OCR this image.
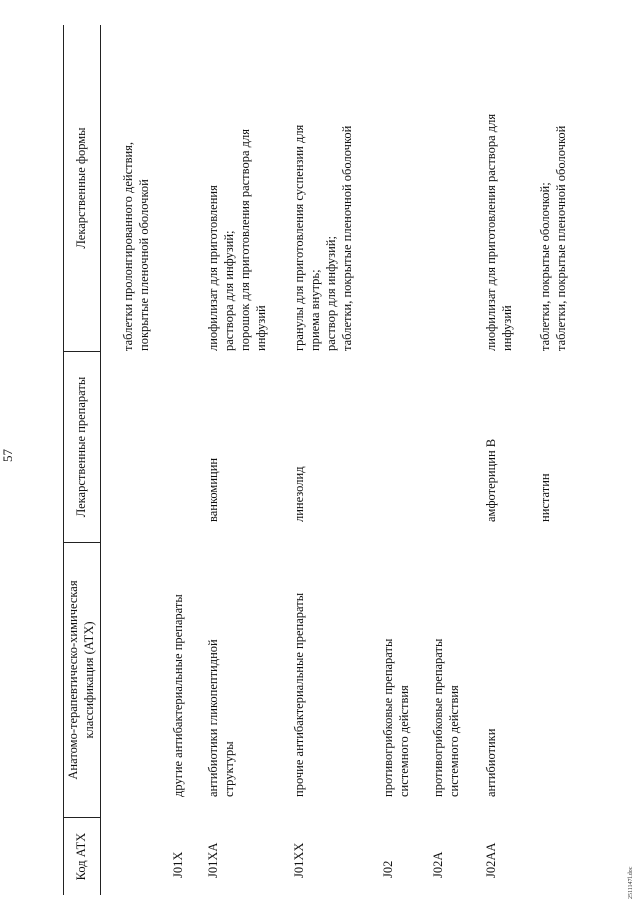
57
Код АТХ
Анатомо-терапевтическо-химическая классификация (АТХ)
Лекарственные препараты
Лекарственные формы	таблетки пролонгированного действия, покрытые пленочной оболочкой
J01X
другие антибактериальные препараты
J01XA
антибиотики гликопептидной структуры
ванкомицин
лиофилизат для приготовления раствора для инфузий; порошок для приготовления раствора для инфузий
J01XX
прочие антибактериальные препараты
линезолид
гранулы для приготовления суспензии для приема внутрь; раствор для инфузий; таблетки, покрытые пленочной оболочкой
J02
противогрибковые препараты системного действия
J02A
противогрибковые препараты системного действия
J02AA
антибиотики
амфотерицин В
лиофилизат для приготовления раствора для инфузий
нистатин
таблетки, покрытые оболочкой; таблетки, покрытые пленочной оболочкой
2511147l.doc
